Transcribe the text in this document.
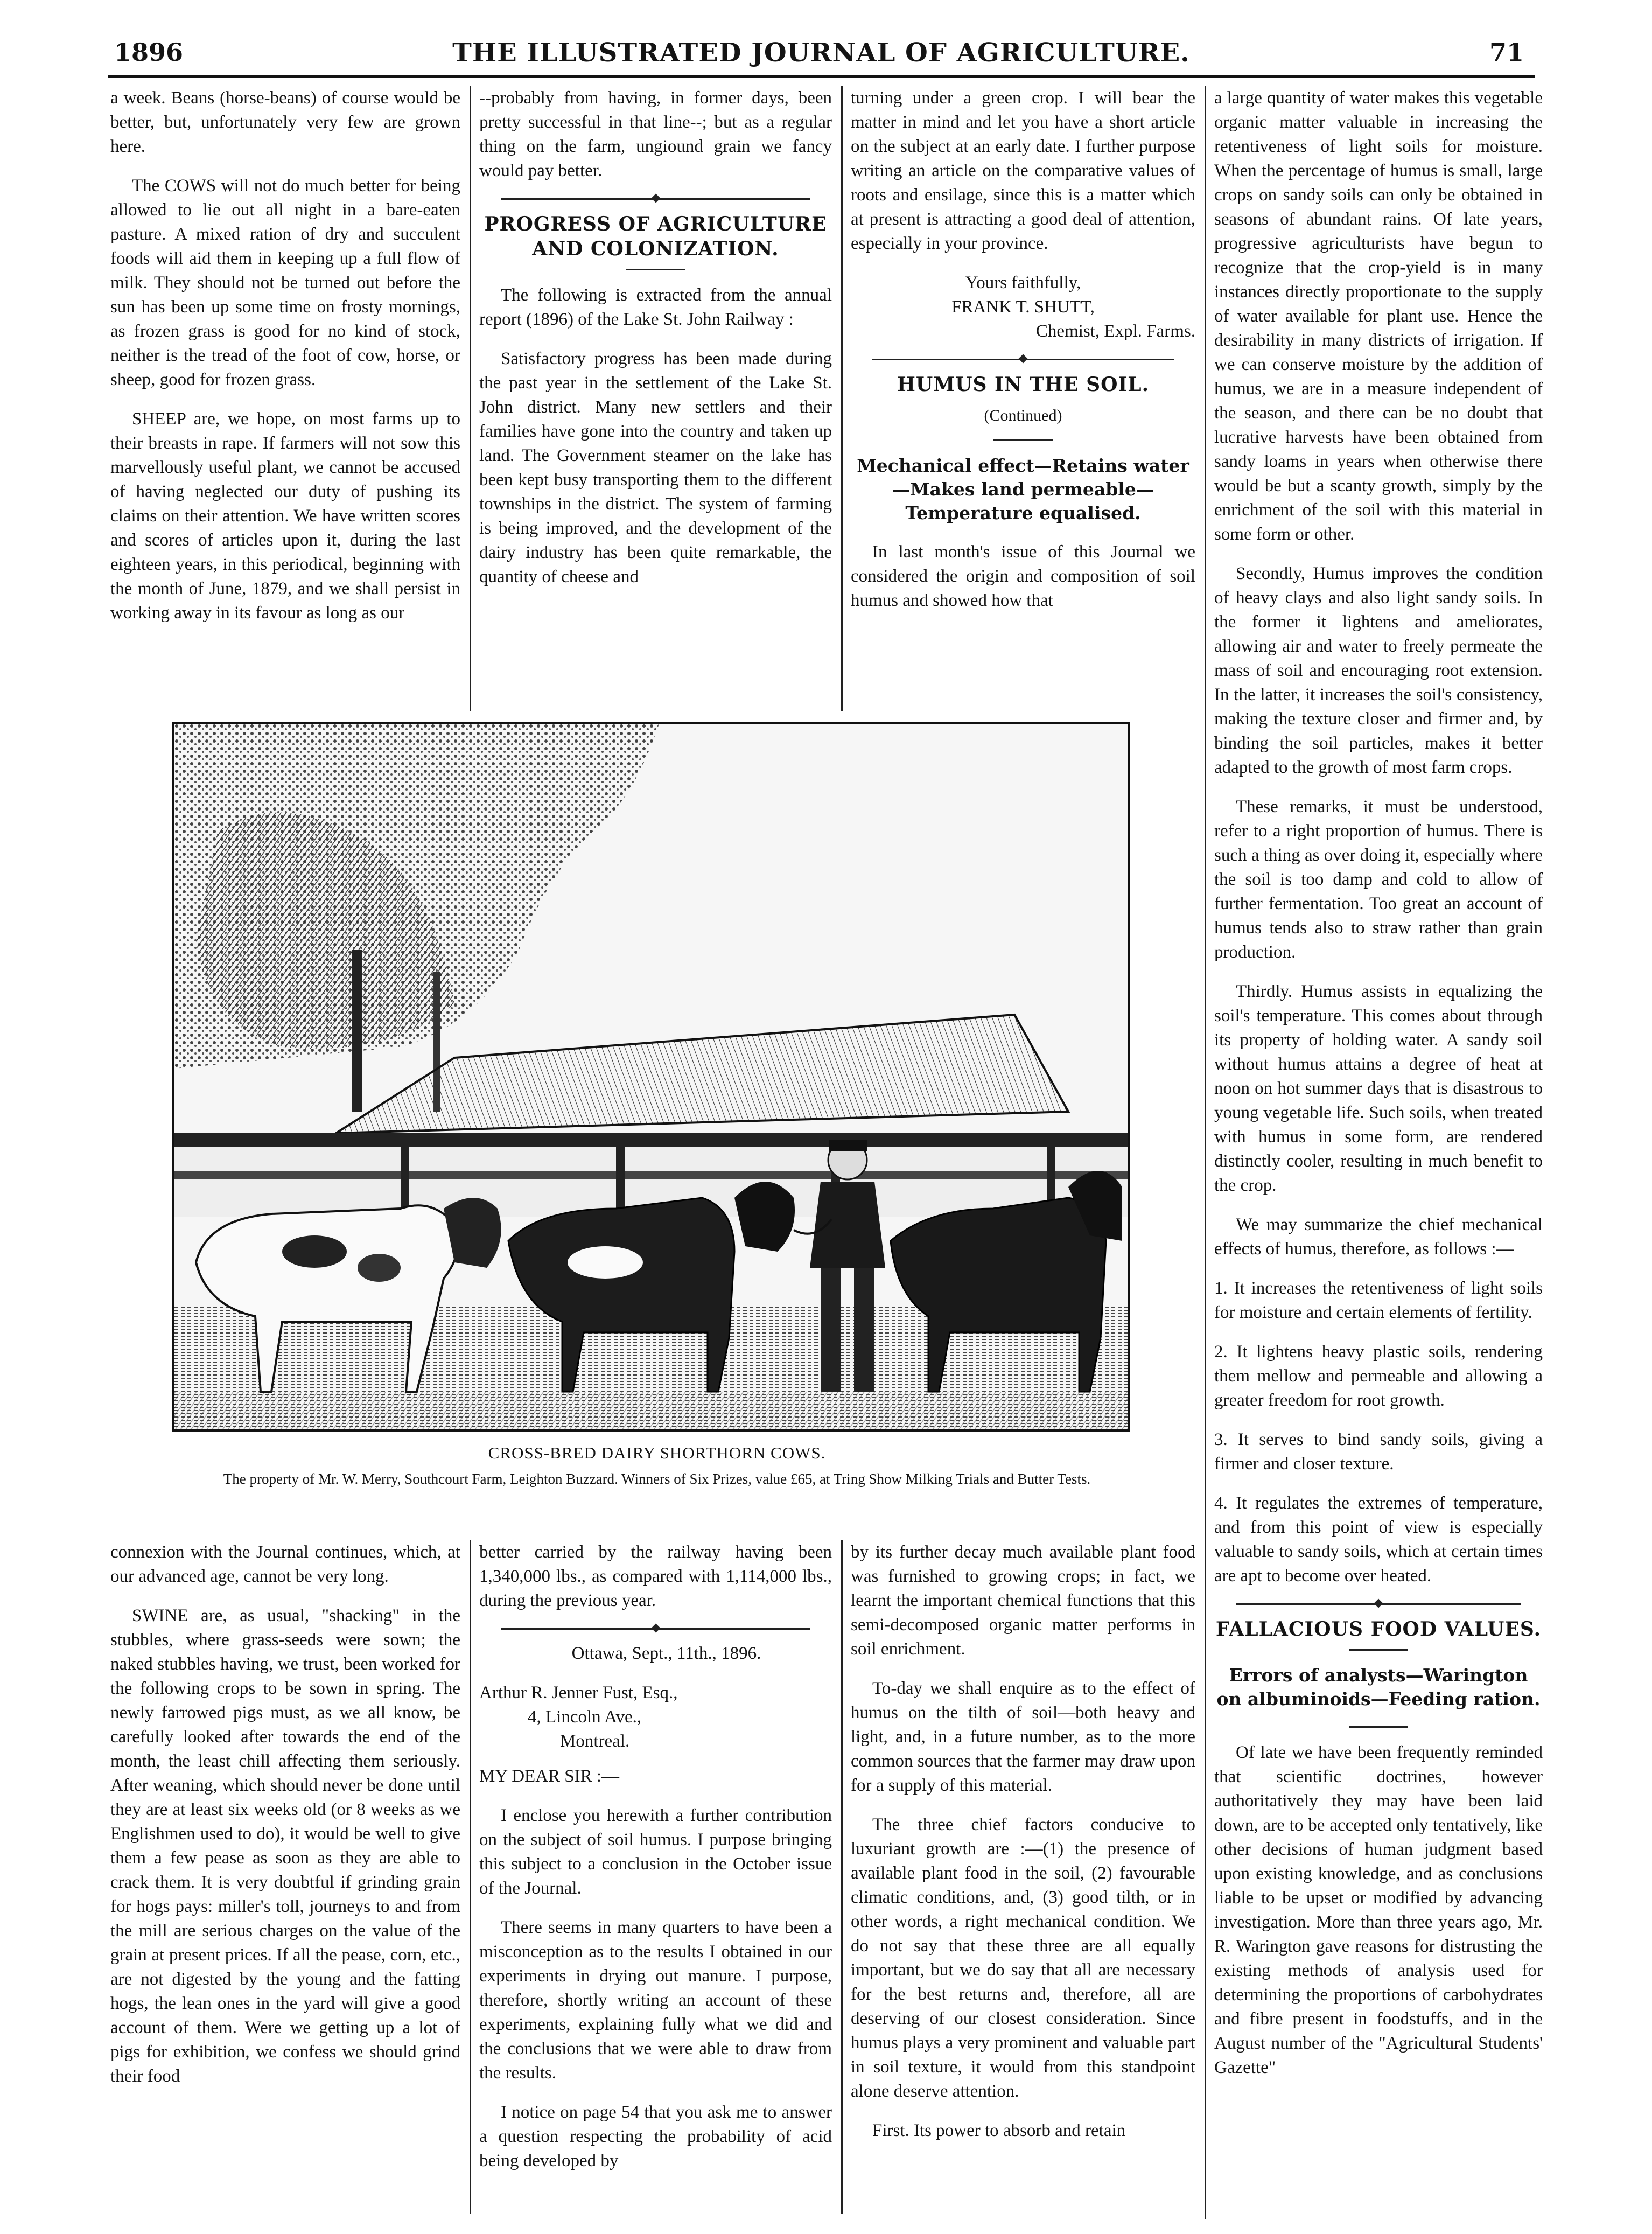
1896	THE ILLUSTRATED JOURNAL OF AGRICULTURE.	71

a week. Beans (horse-beans) of course would be better, but, unfortunately very few are grown here.

The COWS will not do much better for being allowed to lie out all night in a bare-eaten pasture. A mixed ration of dry and succulent foods will aid them in keeping up a full flow of milk. They should not be turned out before the sun has been up some time on frosty mornings, as frozen grass is good for no kind of stock, neither is the tread of the foot of cow, horse, or sheep, good for frozen grass.

SHEEP are, we hope, on most farms up to their breasts in rape. If farmers will not sow this marvellously useful plant, we cannot be accused of having neglected our duty of pushing its claims on their attention. We have written scores and scores of articles upon it, during the last eighteen years, in this periodical, beginning with the month of June, 1879, and we shall persist in working away in its favour as long as our

--probably from having, in former days, been pretty successful in that line--; but as a regular thing on the farm, ungiound grain we fancy would pay better.

PROGRESS OF AGRICULTURE AND COLONIZATION.

The following is extracted from the annual report (1896) of the Lake St. John Railway :

Satisfactory progress has been made during the past year in the settlement of the Lake St. John district. Many new settlers and their families have gone into the country and taken up land. The Government steamer on the lake has been kept busy transporting them to the different townships in the district. The system of farming is being improved, and the development of the dairy industry has been quite remarkable, the quantity of cheese and

turning under a green crop. I will bear the matter in mind and let you have a short article on the subject at an early date. I further purpose writing an article on the comparative values of roots and ensilage, since this is a matter which at present is attracting a good deal of attention, especially in your province.

Yours faithfully,

FRANK T. SHUTT,

Chemist, Expl. Farms.

HUMUS IN THE SOIL.
(Continued)
Mechanical effect—Retains water—Makes land permeable—Temperature equalised.

In last month's issue of this Journal we considered the origin and composition of soil humus and showed how that

a large quantity of water makes this vegetable organic matter valuable in increasing the retentiveness of light soils for moisture. When the percentage of humus is small, large crops on sandy soils can only be obtained in seasons of abundant rains. Of late years, progressive agriculturists have begun to recognize that the crop-yield is in many instances directly proportionate to the supply of water available for plant use. Hence the desirability in many districts of irrigation. If we can conserve moisture by the addition of humus, we are in a measure independent of the season, and there can be no doubt that lucrative harvests have been obtained from sandy loams in years when otherwise there would be but a scanty growth, simply by the enrichment of the soil with this material in some form or other.

Secondly, Humus improves the condition of heavy clays and also light sandy soils. In the former it lightens and ameliorates, allowing air and water to freely permeate the mass of soil and encouraging root extension. In the latter, it increases the soil's consistency, making the texture closer and firmer and, by binding the soil particles, makes it better adapted to the growth of most farm crops.

These remarks, it must be understood, refer to a right proportion of humus. There is such a thing as over doing it, especially where the soil is too damp and cold to allow of further fermentation. Too great an account of humus tends also to straw rather than grain production.

Thirdly. Humus assists in equalizing the soil's temperature. This comes about through its property of holding water. A sandy soil without humus attains a degree of heat at noon on hot summer days that is disastrous to young vegetable life. Such soils, when treated with humus in some form, are rendered distinctly cooler, resulting in much benefit to the crop.

We may summarize the chief mechanical effects of humus, therefore, as follows :—

1. It increases the retentiveness of light soils for moisture and certain elements of fertility.

2. It lightens heavy plastic soils, rendering them mellow and permeable and allowing a greater freedom for root growth.

3. It serves to bind sandy soils, giving a firmer and closer texture.

4. It regulates the extremes of temperature, and from this point of view is especially valuable to sandy soils, which at certain times are apt to become over heated.

FALLACIOUS FOOD VALUES.
Errors of analysts—Warington on albuminoids—Feeding ration.

Of late we have been frequently reminded that scientific doctrines, however authoritatively they may have been laid down, are to be accepted only tentatively, like other decisions of human judgment based upon existing knowledge, and as conclusions liable to be upset or modified by advancing investigation. More than three years ago, Mr. R. Warington gave reasons for distrusting the existing methods of analysis used for determining the proportions of carbohydrates and fibre present in foodstuffs, and in the August number of the "Agricultural Students' Gazette"

CROSS-BRED DAIRY SHORTHORN COWS.
The property of Mr. W. Merry, Southcourt Farm, Leighton Buzzard. Winners of Six Prizes, value £65, at Tring Show Milking Trials and Butter Tests.

connexion with the Journal continues, which, at our advanced age, cannot be very long.

SWINE are, as usual, "shacking" in the stubbles, where grass-seeds were sown; the naked stubbles having, we trust, been worked for the following crops to be sown in spring. The newly farrowed pigs must, as we all know, be carefully looked after towards the end of the month, the least chill affecting them seriously. After weaning, which should never be done until they are at least six weeks old (or 8 weeks as we Englishmen used to do), it would be well to give them a few pease as soon as they are able to crack them. It is very doubtful if grinding grain for hogs pays: miller's toll, journeys to and from the mill are serious charges on the value of the grain at present prices. If all the pease, corn, etc., are not digested by the young and the fatting hogs, the lean ones in the yard will give a good account of them. Were we getting up a lot of pigs for exhibition, we confess we should grind their food

better carried by the railway having been 1,340,000 lbs., as compared with 1,114,000 lbs., during the previous year.

Ottawa, Sept., 11th., 1896.

Arthur R. Jenner Fust, Esq.,

4, Lincoln Ave.,

Montreal.

MY DEAR SIR :—

I enclose you herewith a further contribution on the subject of soil humus. I purpose bringing this subject to a conclusion in the October issue of the Journal.

There seems in many quarters to have been a misconception as to the results I obtained in our experiments in drying out manure. I purpose, therefore, shortly writing an account of these experiments, explaining fully what we did and the conclusions that we were able to draw from the results.

I notice on page 54 that you ask me to answer a question respecting the probability of acid being developed by

by its further decay much available plant food was furnished to growing crops; in fact, we learnt the important chemical functions that this semi-decomposed organic matter performs in soil enrichment.

To-day we shall enquire as to the effect of humus on the tilth of soil—both heavy and light, and, in a future number, as to the more common sources that the farmer may draw upon for a supply of this material.

The three chief factors conducive to luxuriant growth are :—(1) the presence of available plant food in the soil, (2) favourable climatic conditions, and, (3) good tilth, or in other words, a right mechanical condition. We do not say that these three are all equally important, but we do say that all are necessary for the best returns and, therefore, all are deserving of our closest consideration. Since humus plays a very prominent and valuable part in soil texture, it would from this standpoint alone deserve attention.

First. Its power to absorb and retain
